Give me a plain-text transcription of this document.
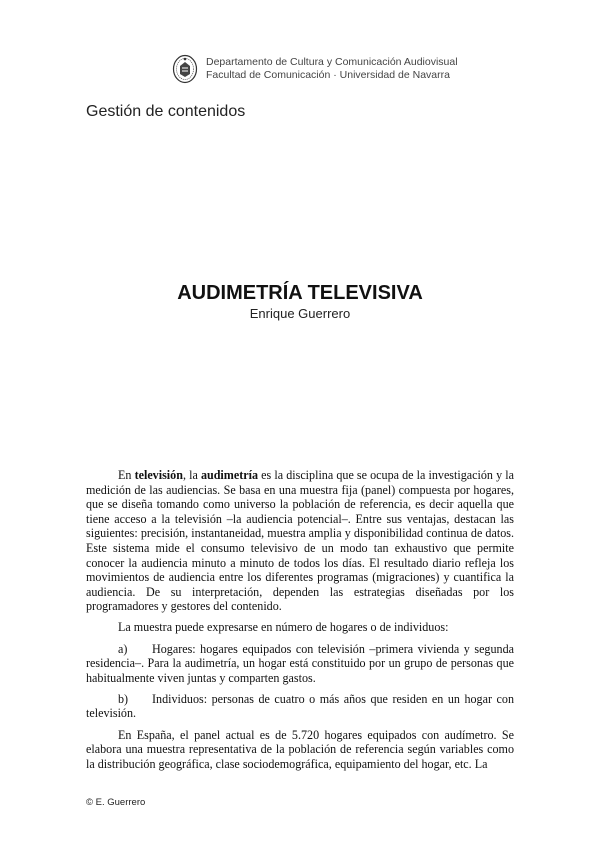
Departamento de Cultura y Comunicación Audiovisual
Facultad de Comunicación · Universidad de Navarra
Gestión de contenidos
AUDIMETRÍA TELEVISIVA
Enrique Guerrero

En televisión, la audimetría es la disciplina que se ocupa de la investigación y la medición de las audiencias. Se basa en una muestra fija (panel) compuesta por hogares, que se diseña tomando como universo la población de referencia, es decir aquella que tiene acceso a la televisión –la audiencia potencial–. Entre sus ventajas, destacan las siguientes: precisión, instantaneidad, muestra amplia y disponibilidad continua de datos. Este sistema mide el consumo televisivo de un modo tan exhaustivo que permite conocer la audiencia minuto a minuto de todos los días. El resultado diario refleja los movimientos de audiencia entre los diferentes programas (migraciones) y cuantifica la audiencia. De su interpretación, dependen las estrategias diseñadas por los programadores y gestores del contenido.

La muestra puede expresarse en número de hogares o de individuos:

a) Hogares: hogares equipados con televisión –primera vivienda y segunda residencia–. Para la audimetría, un hogar está constituido por un grupo de personas que habitualmente viven juntas y comparten gastos.

b) Individuos: personas de cuatro o más años que residen en un hogar con televisión.

En España, el panel actual es de 5.720 hogares equipados con audímetro. Se elabora una muestra representativa de la población de referencia según variables como la distribución geográfica, clase sociodemográfica, equipamiento del hogar, etc. La

© E. Guerrero
